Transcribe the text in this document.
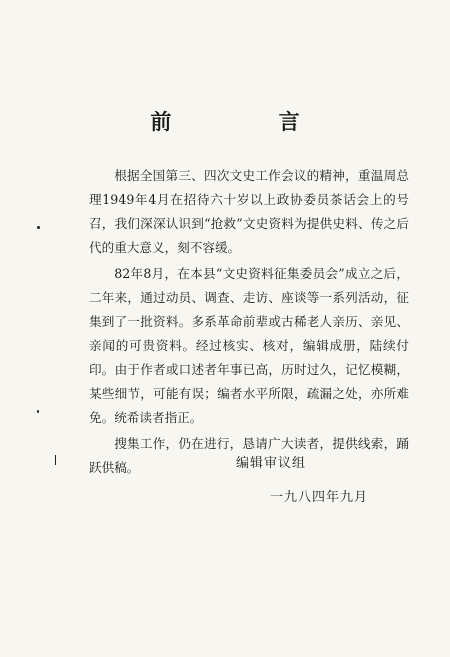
前 言

根据全国第三、四次文史工作会议的精神，重温周总理1949年4月在招待六十岁以上政协委员茶话会上的号召，我们深深认识到“抢救”文史资料为提供史料、传之后代的重大意义，刻不容缓。

82年8月，在本县“文史资料征集委员会”成立之后，二年来，通过动员、调查、走访、座谈等一系列活动，征集到了一批资料。多系革命前辈或古稀老人亲历、亲见、亲闻的可贵资料。经过核实、核对，编辑成册，陆续付印。由于作者或口述者年事已高，历时过久，记忆模糊，某些细节，可能有误；编者水平所限，疏漏之处，亦所难免。统希读者指正。

搜集工作，仍在进行，恳请广大读者，提供线索，踊跃供稿。	编辑审议组
一九八四年九月
